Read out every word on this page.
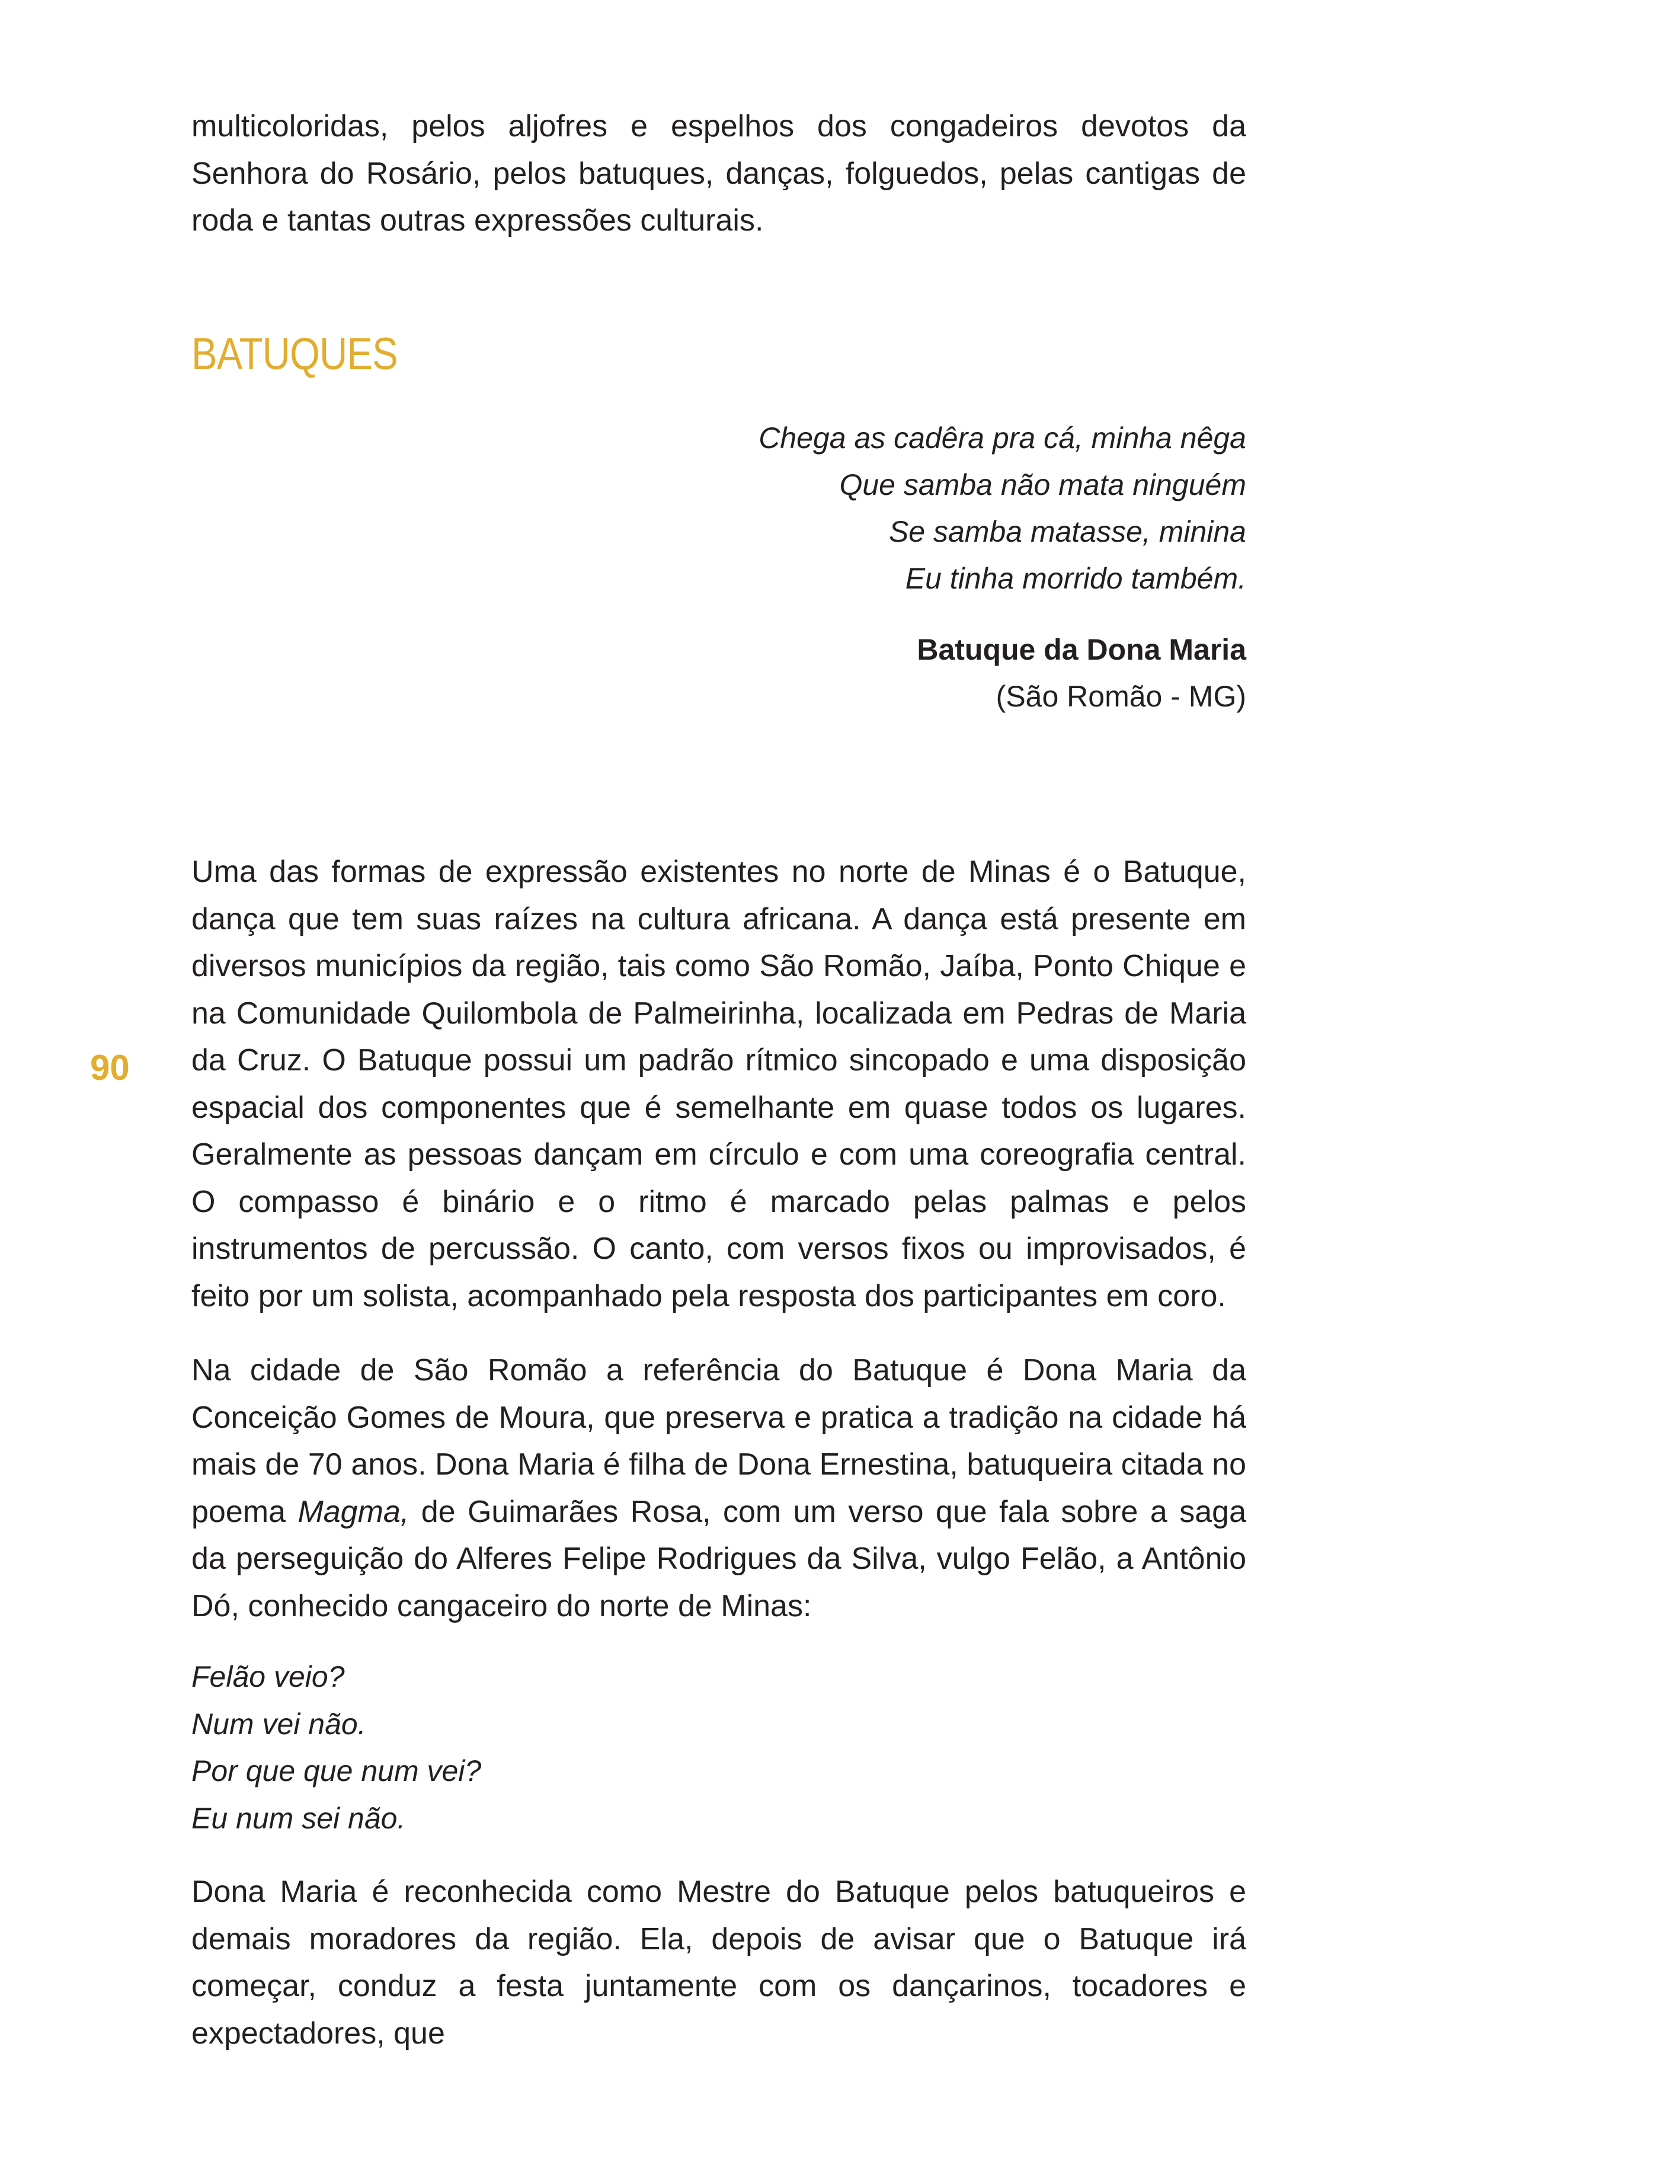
multicoloridas, pelos aljofres e espelhos dos congadeiros devotos da Senhora do Rosário, pelos batuques, danças, folguedos, pelas cantigas de roda e tantas outras expressões culturais.

BATUQUES
Chega as cadêra pra cá, minha nêga
Que samba não mata ninguém
Se samba matasse, minina
Eu tinha morrido também.
Batuque da Dona Maria
(São Romão - MG)
90

Uma das formas de expressão existentes no norte de Minas é o Batuque, dança que tem suas raízes na cultura africana. A dança está presente em diversos municípios da região, tais como São Romão, Jaíba, Ponto Chique e na Comunidade Quilombola de Palmeirinha, localizada em Pedras de Maria da Cruz. O Batuque possui um padrão rítmico sincopado e uma disposição espacial dos componentes que é semelhante em quase todos os lugares. Geralmente as pessoas dançam em círculo e com uma coreografia central. O compasso é binário e o ritmo é marcado pelas palmas e pelos instrumentos de percussão. O canto, com versos fixos ou improvisados, é feito por um solista, acompanhado pela resposta dos participantes em coro.

Na cidade de São Romão a referência do Batuque é Dona Maria da Conceição Gomes de Moura, que preserva e pratica a tradição na cidade há mais de 70 anos. Dona Maria é filha de Dona Ernestina, batuqueira citada no poema Magma, de Guimarães Rosa, com um verso que fala sobre a saga da perseguição do Alferes Felipe Rodrigues da Silva, vulgo Felão, a Antônio Dó, conhecido cangaceiro do norte de Minas:

Felão veio?
Num vei não.
Por que que num vei?
Eu num sei não.

Dona Maria é reconhecida como Mestre do Batuque pelos batuqueiros e demais moradores da região. Ela, depois de avisar que o Batuque irá começar, conduz a festa juntamente com os dançarinos, tocadores e expectadores, que
